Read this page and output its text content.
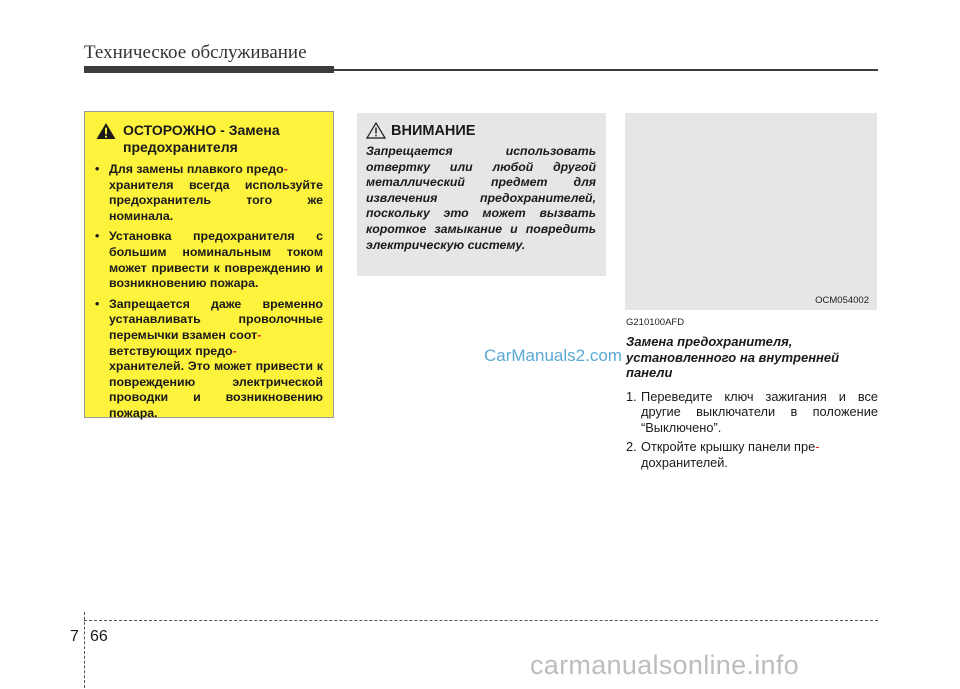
Техническое обслуживание
ОСТОРОЖНО - Замена предохранителя
• Для замены плавкого предо-
хранителя всегда используйте предохранитель того же номинала.
• Установка предохранителя с большим номинальным током может привести к повреждению и возникновению пожара.
• Запрещается даже временно устанавливать проволочные перемычки взамен соот-
ветствующих предо-
хранителей. Это может привести к повреждению электрической проводки и возникновению пожара.
ВНИМАНИЕ
Запрещается использовать отвертку или любой другой металлический предмет для извлечения предохранителей, поскольку это может вызвать короткое замыкание и повредить электрическую систему.
OCM054002
G210100AFD
Замена предохранителя, установленного на внутренней панели
1. Переведите ключ зажигания и все другие выключатели в положение “Выключено”.
2. Откройте крышку панели пре-
дохранителей.
CarManuals2.com
7 66
carmanualsonline.info
